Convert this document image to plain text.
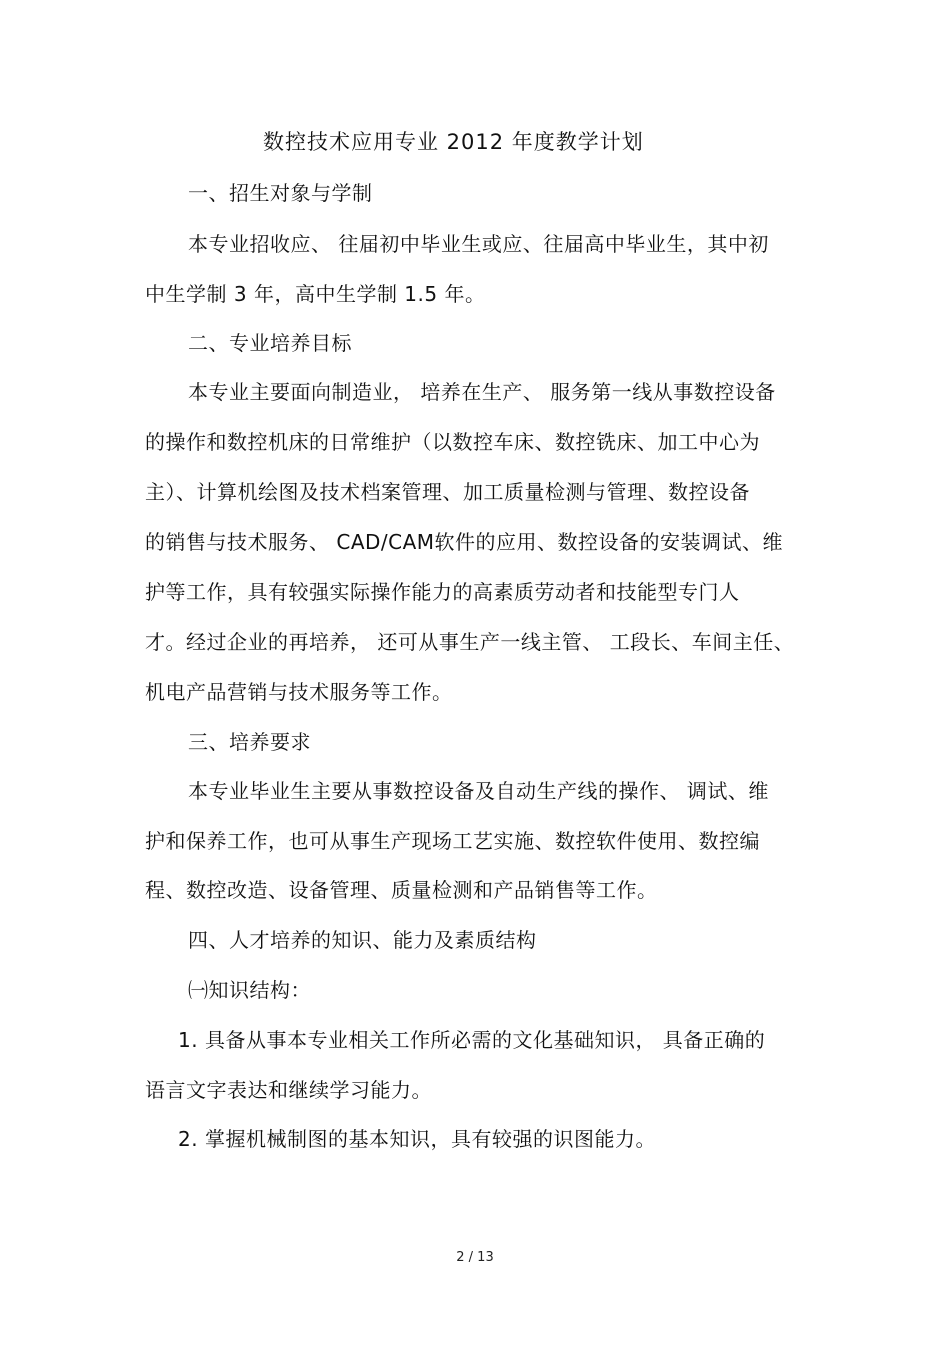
数控技术应用专业 2012 年度教学计划
一、招生对象与学制
本专业招收应、 往届初中毕业生或应、往届高中毕业生，其中初
中生学制 3 年，高中生学制 1.5 年。
二、专业培养目标
本专业主要面向制造业， 培养在生产、 服务第一线从事数控设备
的操作和数控机床的日常维护（以数控车床、数控铣床、加工中心为
主）、计算机绘图及技术档案管理、加工质量检测与管理、数控设备
的销售与技术服务、 CAD/CAM软件的应用、数控设备的安装调试、维
护等工作，具有较强实际操作能力的高素质劳动者和技能型专门人
才。经过企业的再培养， 还可从事生产一线主管、 工段长、车间主任、
机电产品营销与技术服务等工作。
三、培养要求
本专业毕业生主要从事数控设备及自动生产线的操作、 调试、维
护和保养工作，也可从事生产现场工艺实施、数控软件使用、数控编
程、数控改造、设备管理、质量检测和产品销售等工作。
四、人才培养的知识、能力及素质结构
㈠知识结构：
1. 具备从事本专业相关工作所必需的文化基础知识， 具备正确的
语言文字表达和继续学习能力。
2. 掌握机械制图的基本知识，具有较强的识图能力。
2 / 13
